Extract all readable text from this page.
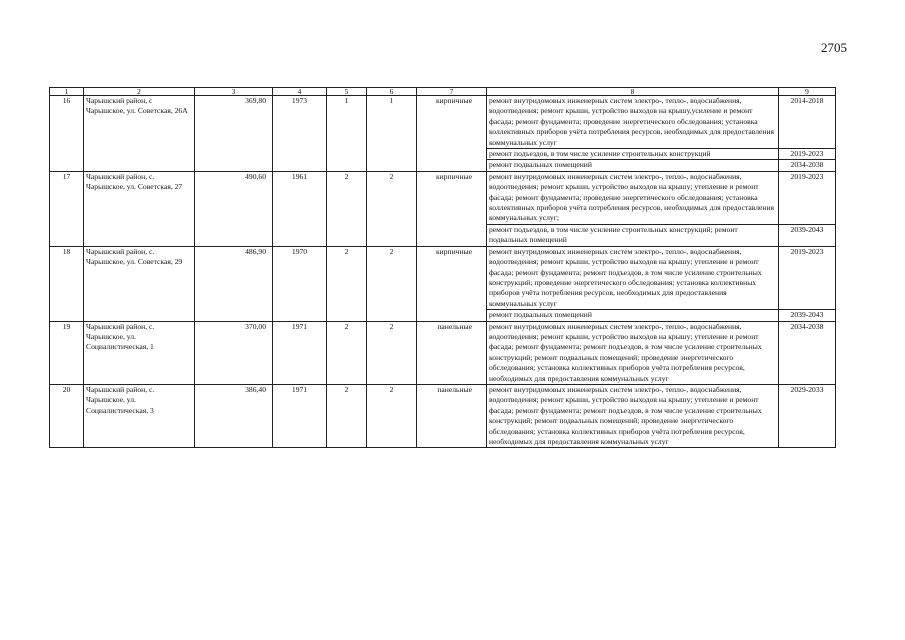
2705
1	2	3	4	5	6	7	8	9
16	Чарышский район, с Чарышское, ул. Советская, 26А	369,80	1973	1	1	кирпичные	ремонт внутридомовых инженерных систем электро-, тепло-, водоснабжения, водоотведения; ремонт крыши, устройство выходов на крышу,усиление и ремонт фасада; ремонт фундамента; проведение энергетического обследования; установка коллективных приборов учёта потребления ресурсов, необходимых для предоставления коммунальных услуг	2014-2018
							ремонт подъездов, в том числе усиление строительных конструкций	2019-2023
							ремонт подвальных помещений	2034-2038
17	Чарышский район, с. Чарышское, ул. Советская, 27	490,60	1961	2	2	кирпичные	ремонт внутридомовых инженерных систем электро-, тепло-, водоснабжения, водоотведения; ремонт крыши, устройство выходов на крышу; утепление и ремонт фасада; ремонт фундамента; проведение энергетического обследования; установка коллективных приборов учёта потребления ресурсов, необходимых для предоставления коммунальных услуг;	2019-2023
							ремонт подъездов, в том числе усиление строительных конструкций; ремонт подвальных помещений	2039-2043
18	Чарышский район, с. Чарышское, ул. Советская, 29	486,90	1970	2	2	кирпичные	ремонт внутридомовых инженерных систем электро-, тепло-, водоснабжения, водоотведения; ремонт крыши, устройство выходов на крышу; утепление и ремонт фасада; ремонт фундамента; ремонт подъездов, в том числе усиление строительных конструкций; проведение энергетического обследования; установка коллективных приборов учёта потребления ресурсов, необходимых для предоставления коммунальных услуг	2019-2023
							ремонт подвальных помещений	2039-2043
19	Чарышский район, с. Чарышское, ул. Социалистическая, 1	370,00	1971	2	2	панельные	ремонт внутридомовых инженерных систем электро-, тепло-, водоснабжения, водоотведения; ремонт крыши, устройство выходов на крышу; утепление и ремонт фасада; ремонт фундамента; ремонт подъездов, в том числе усиление строительных конструкций; ремонт подвальных помещений; проведение энергетического обследования; установка коллективных приборов учёта потребления ресурсов, необходимых для предоставления коммунальных услуг	2034-2038
20	Чарышский район, с. Чарышское, ул. Социалистическая, 3	386,40	1971	2	2	панельные	ремонт внутридомовых инженерных систем электро-, тепло-, водоснабжения, водоотведения; ремонт крыши, устройство выходов на крышу; утепление и ремонт фасада; ремонт фундамента; ремонт подъездов, в том числе усиление строительных конструкций; ремонт подвальных помещений; проведение энергетического обследования; установка коллективных приборов учёта потребления ресурсов, необходимых для предоставления коммунальных услуг	2029-2033
